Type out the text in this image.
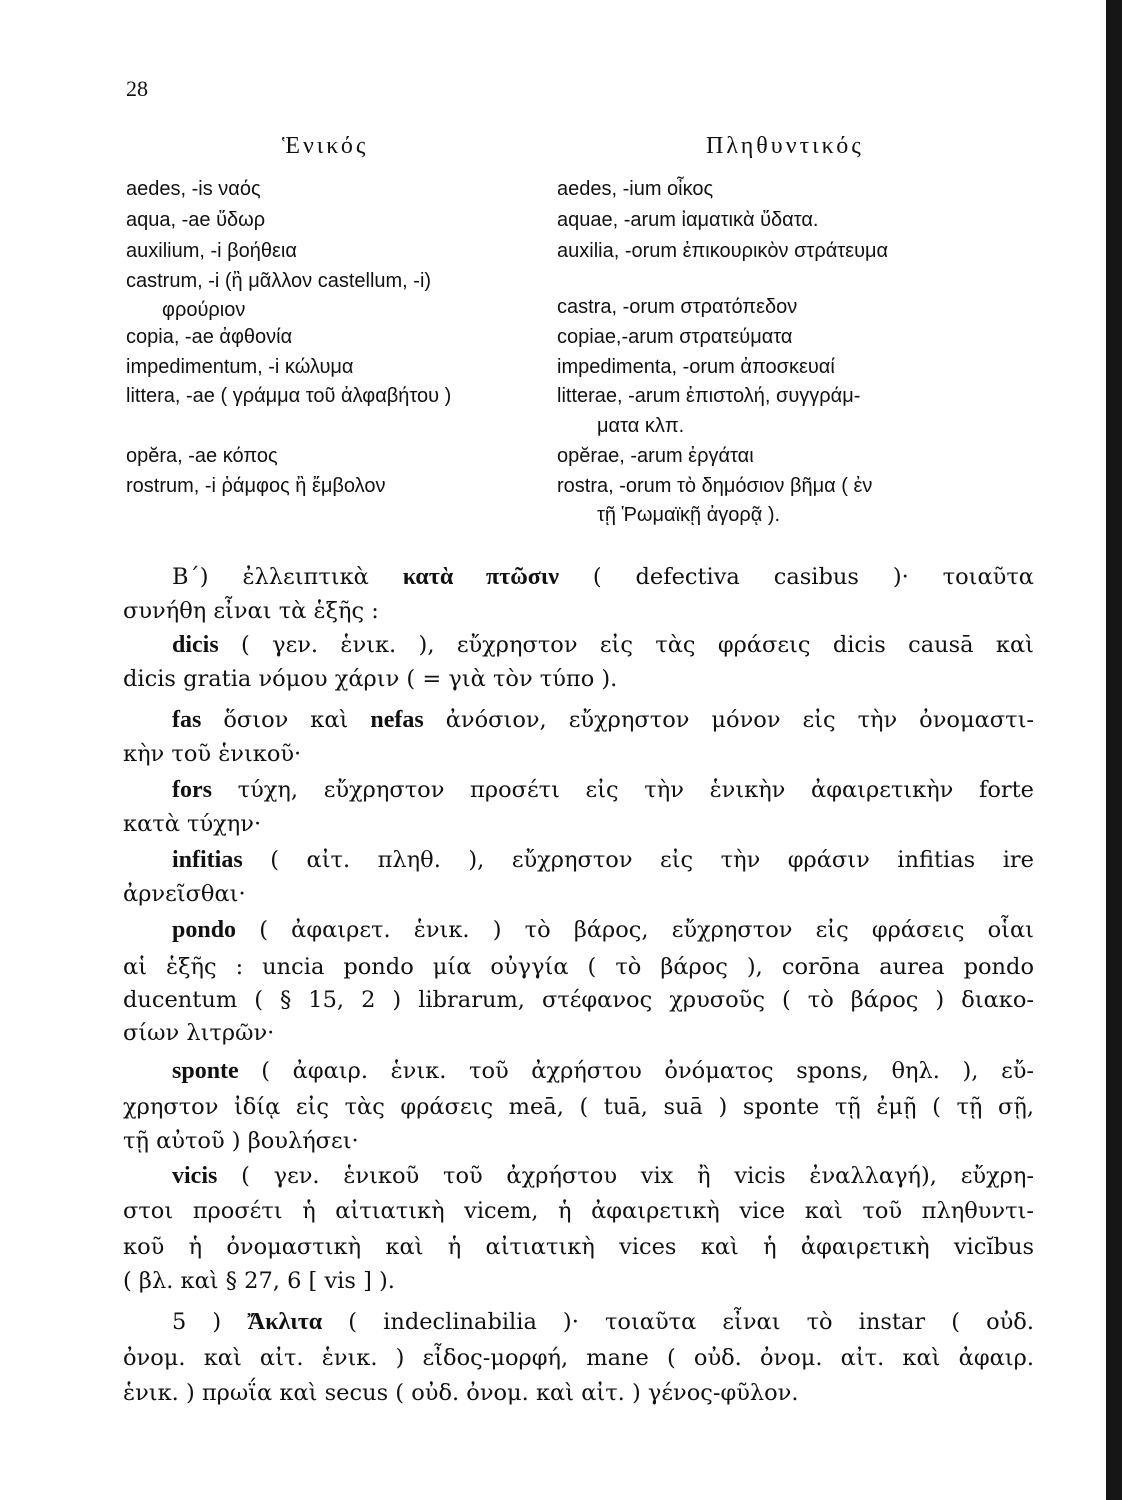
28
Ἑνικός	Πληθυντικός
aedes, -is ναός
aqua, -ae ὕδωρ
auxilium, -i βοήθεια
castrum, -i (ἢ μᾶλλον castellum, -i)
φρούριον
copia, -ae ἀφθονία
impedimentum, -i κώλυμα
littera, -ae ( γράμμα τοῦ ἀλφαβήτου )
opĕra, -ae κόπος
rostrum, -i ῥάμφος ἢ ἔμβολον
aedes, -ium οἶκος
aquae, -arum ἰαματικὰ ὕδατα.
auxilia, -orum ἐπικουρικὸν στράτευμα
castra, -orum στρατόπεδον
copiae,-arum στρατεύματα
impedimenta, -orum ἀποσκευαί
litterae, -arum ἐπιστολή, συγγράμ-
ματα κλπ.
opĕrae, -arum ἐργάται
rostra, -orum τὸ δημόσιον βῆμα ( ἐν
τῇ Ῥωμαϊκῇ ἀγορᾷ ).
Β΄) ἐλλειπτικὰ κατὰ πτῶσιν ( defectiva casibus )· τοιαῦτα
συνήθη εἶναι τὰ ἑξῆς :
dicis ( γεν. ἑνικ. ), εὔχρηστον εἰς τὰς φράσεις dicis causā καὶ
dicis gratia νόμου χάριν ( = γιὰ τὸν τύπο ).
fas ὅσιον καὶ nefas ἀνόσιον, εὔχρηστον μόνον εἰς τὴν ὀνομαστι-
κὴν τοῦ ἑνικοῦ·
fors τύχη, εὔχρηστον προσέτι εἰς τὴν ἑνικὴν ἀφαιρετικὴν forte
κατὰ τύχην·
infitias ( αἰτ. πληθ. ), εὔχρηστον εἰς τὴν φράσιν infitias ire
ἀρνεῖσθαι·
pondo ( ἀφαιρετ. ἑνικ. ) τὸ βάρος, εὔχρηστον εἰς φράσεις οἷαι
αἱ ἑξῆς : uncia pondo μία οὐγγία ( τὸ βάρος ), corōna aurea pondo
ducentum ( § 15, 2 ) librarum, στέφανος χρυσοῦς ( τὸ βάρος ) διακο-
σίων λιτρῶν·
sponte ( ἀφαιρ. ἑνικ. τοῦ ἀχρήστου ὀνόματος spons, θηλ. ), εὔ-
χρηστον ἰδίᾳ εἰς τὰς φράσεις meā, ( tuā, suā ) sponte τῇ ἐμῇ ( τῇ σῇ,
τῇ αὐτοῦ ) βουλήσει·
vicis ( γεν. ἑνικοῦ τοῦ ἀχρήστου vix ἢ vicis ἐναλλαγή), εὔχρη-
στοι προσέτι ἡ αἰτιατικὴ vicem, ἡ ἀφαιρετικὴ vice καὶ τοῦ πληθυντι-
κοῦ ἡ ὀνομαστικὴ καὶ ἡ αἰτιατικὴ vices καὶ ἡ ἀφαιρετικὴ vicĭbus
( βλ. καὶ § 27, 6 [ vis ] ).
5 ) Ἄκλιτα ( indeclinabilia )· τοιαῦτα εἶναι τὸ instar ( οὐδ.
ὀνομ. καὶ αἰτ. ἑνικ. ) εἶδος-μορφή, mane ( οὐδ. ὀνομ. αἰτ. καὶ ἀφαιρ.
ἑνικ. ) πρωΐα καὶ secus ( οὐδ. ὀνομ. καὶ αἰτ. ) γένος-φῦλον.
